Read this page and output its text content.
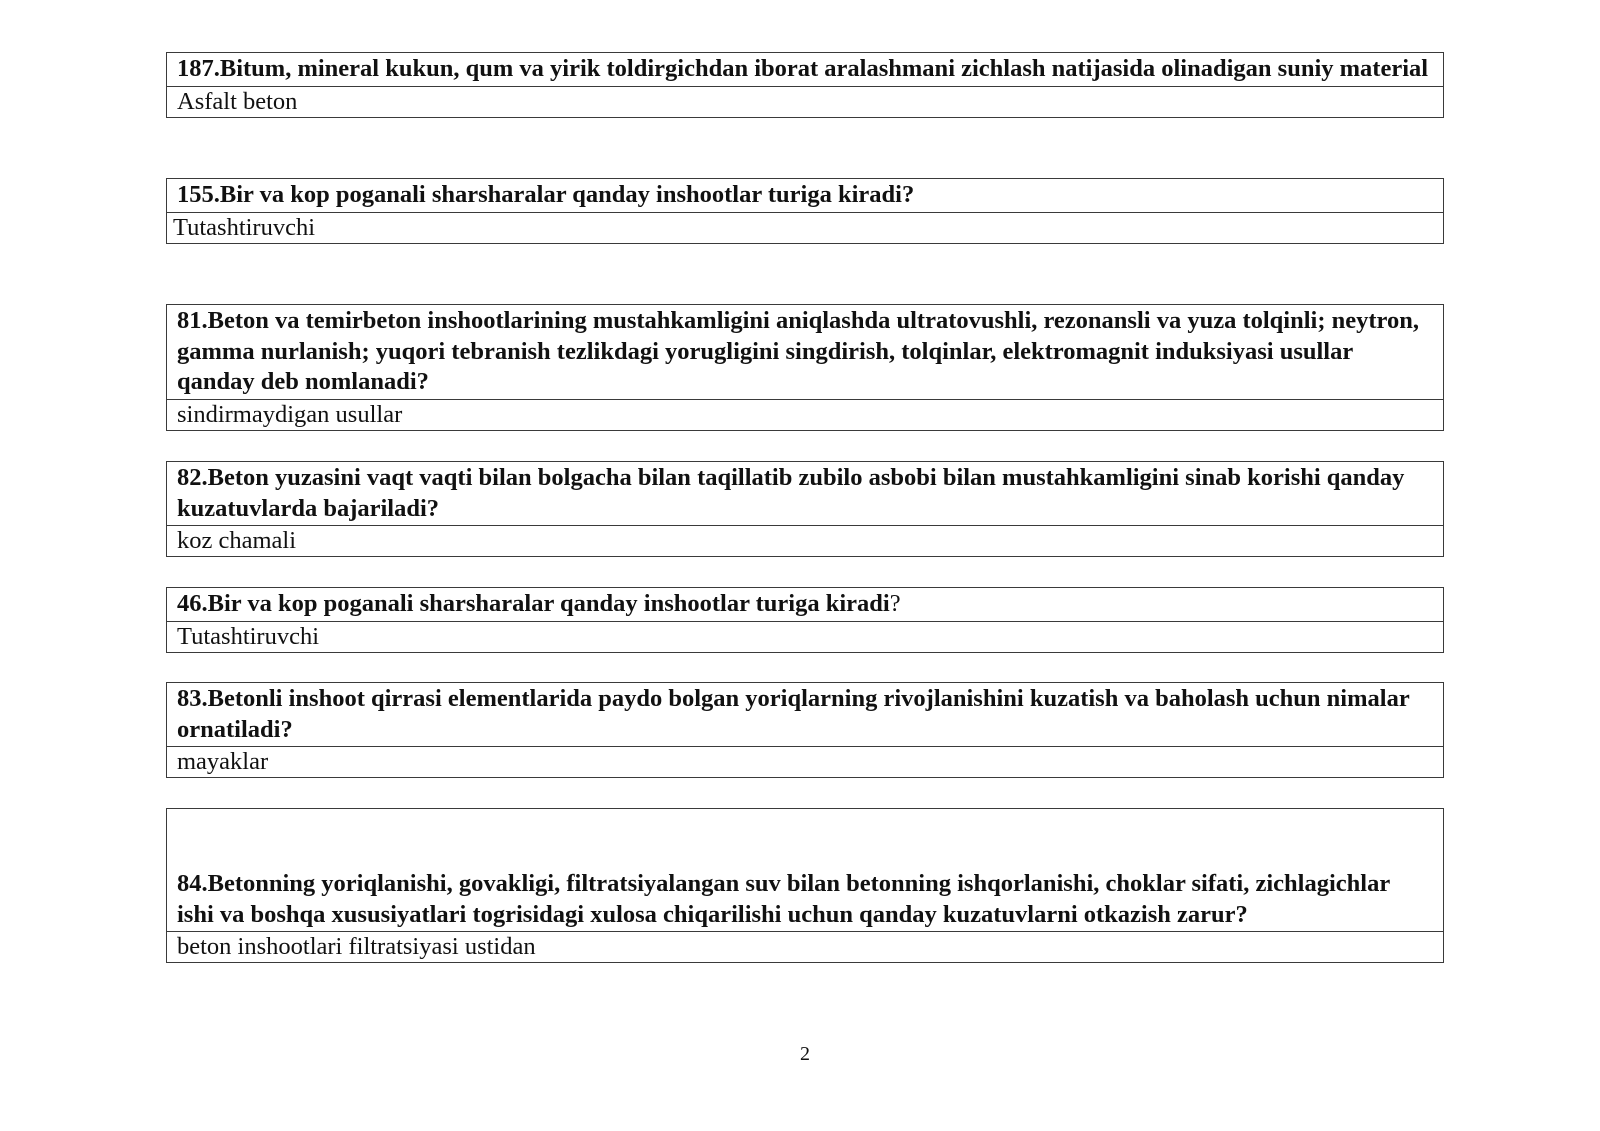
187.Bitum, mineral kukun, qum va yirik toldirgichdan iborat aralashmani zichlash natijasida olinadigan suniy material
Asfalt beton
155.Bir va kop poganali sharsharalar qanday inshootlar turiga kiradi?
Tutashtiruvchi
81.Beton va temirbeton inshootlarining mustahkamligini aniqlashda ultratovushli, rezonansli va yuza tolqinli; neytron, gamma nurlanish; yuqori tebranish tezlikdagi yorugligini singdirish, tolqinlar, elektromagnit induksiyasi usullar qanday deb nomlanadi?
sindirmaydigan usullar
82.Beton yuzasini vaqt vaqti bilan bolgacha bilan taqillatib zubilo asbobi bilan mustahkamligini sinab korishi qanday kuzatuvlarda bajariladi?
koz chamali
46.Bir va kop poganali sharsharalar qanday inshootlar turiga kiradi?
Tutashtiruvchi
83.Betonli inshoot qirrasi elementlarida paydo bolgan yoriqlarning rivojlanishini kuzatish va baholash uchun nimalar ornatiladi?
mayaklar
84.Betonning yoriqlanishi, govakligi, filtratsiyalangan suv bilan betonning ishqorlanishi, choklar sifati, zichlagichlar ishi va boshqa xususiyatlari togrisidagi xulosa chiqarilishi uchun qanday kuzatuvlarni otkazish zarur?
beton inshootlari filtratsiyasi ustidan
2
